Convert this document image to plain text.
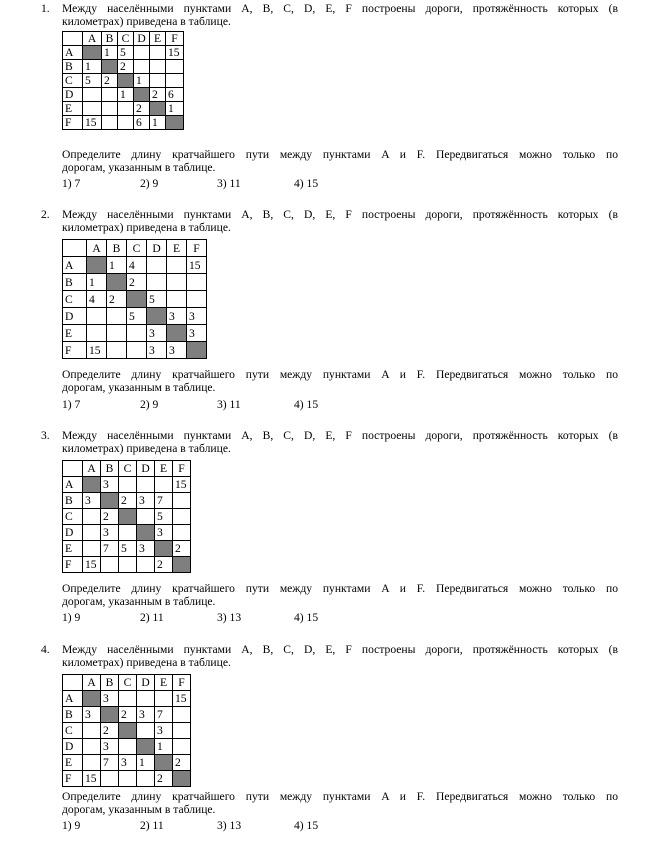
1. Между населёнными пунктами A, B, C, D, E, F построены дороги, протяжённость которых (в
километрах) приведена в таблице.
	A	B	C	D	E	F
A		1	5			15
B	1		2			
C	5	2		1		
D			1		2	6
E				2		1
F	15			6	1	
Определите длину кратчайшего пути между пунктами A и F. Передвигаться можно только по
дорогам, указанным в таблице.
1) 7	2) 9	3) 11	4) 15
2. Между населёнными пунктами A, B, C, D, E, F построены дороги, протяжённость которых (в
километрах) приведена в таблице.
	A	B	C	D	E	F
A		1	4			15
B	1		2			
C	4	2		5		
D			5		3	3
E				3		3
F	15			3	3	
Определите длину кратчайшего пути между пунктами A и F. Передвигаться можно только по
дорогам, указанным в таблице.
1) 7	2) 9	3) 11	4) 15
3. Между населёнными пунктами A, B, C, D, E, F построены дороги, протяжённость которых (в
километрах) приведена в таблице.
	A	B	C	D	E	F
A		3				15
B	3		2	3	7	
C		2			5	
D		3			3	
E		7	5	3		2
F	15				2	
Определите длину кратчайшего пути между пунктами A и F. Передвигаться можно только по
дорогам, указанным в таблице.
1) 9	2) 11	3) 13	4) 15
4. Между населёнными пунктами A, B, C, D, E, F построены дороги, протяжённость которых (в
километрах) приведена в таблице.
	A	B	C	D	E	F
A		3				15
B	3		2	3	7	
C		2			3	
D		3			1	
E		7	3	1		2
F	15				2	
Определите длину кратчайшего пути между пунктами A и F. Передвигаться можно только по
дорогам, указанным в таблице.
1) 9	2) 11	3) 13	4) 15
